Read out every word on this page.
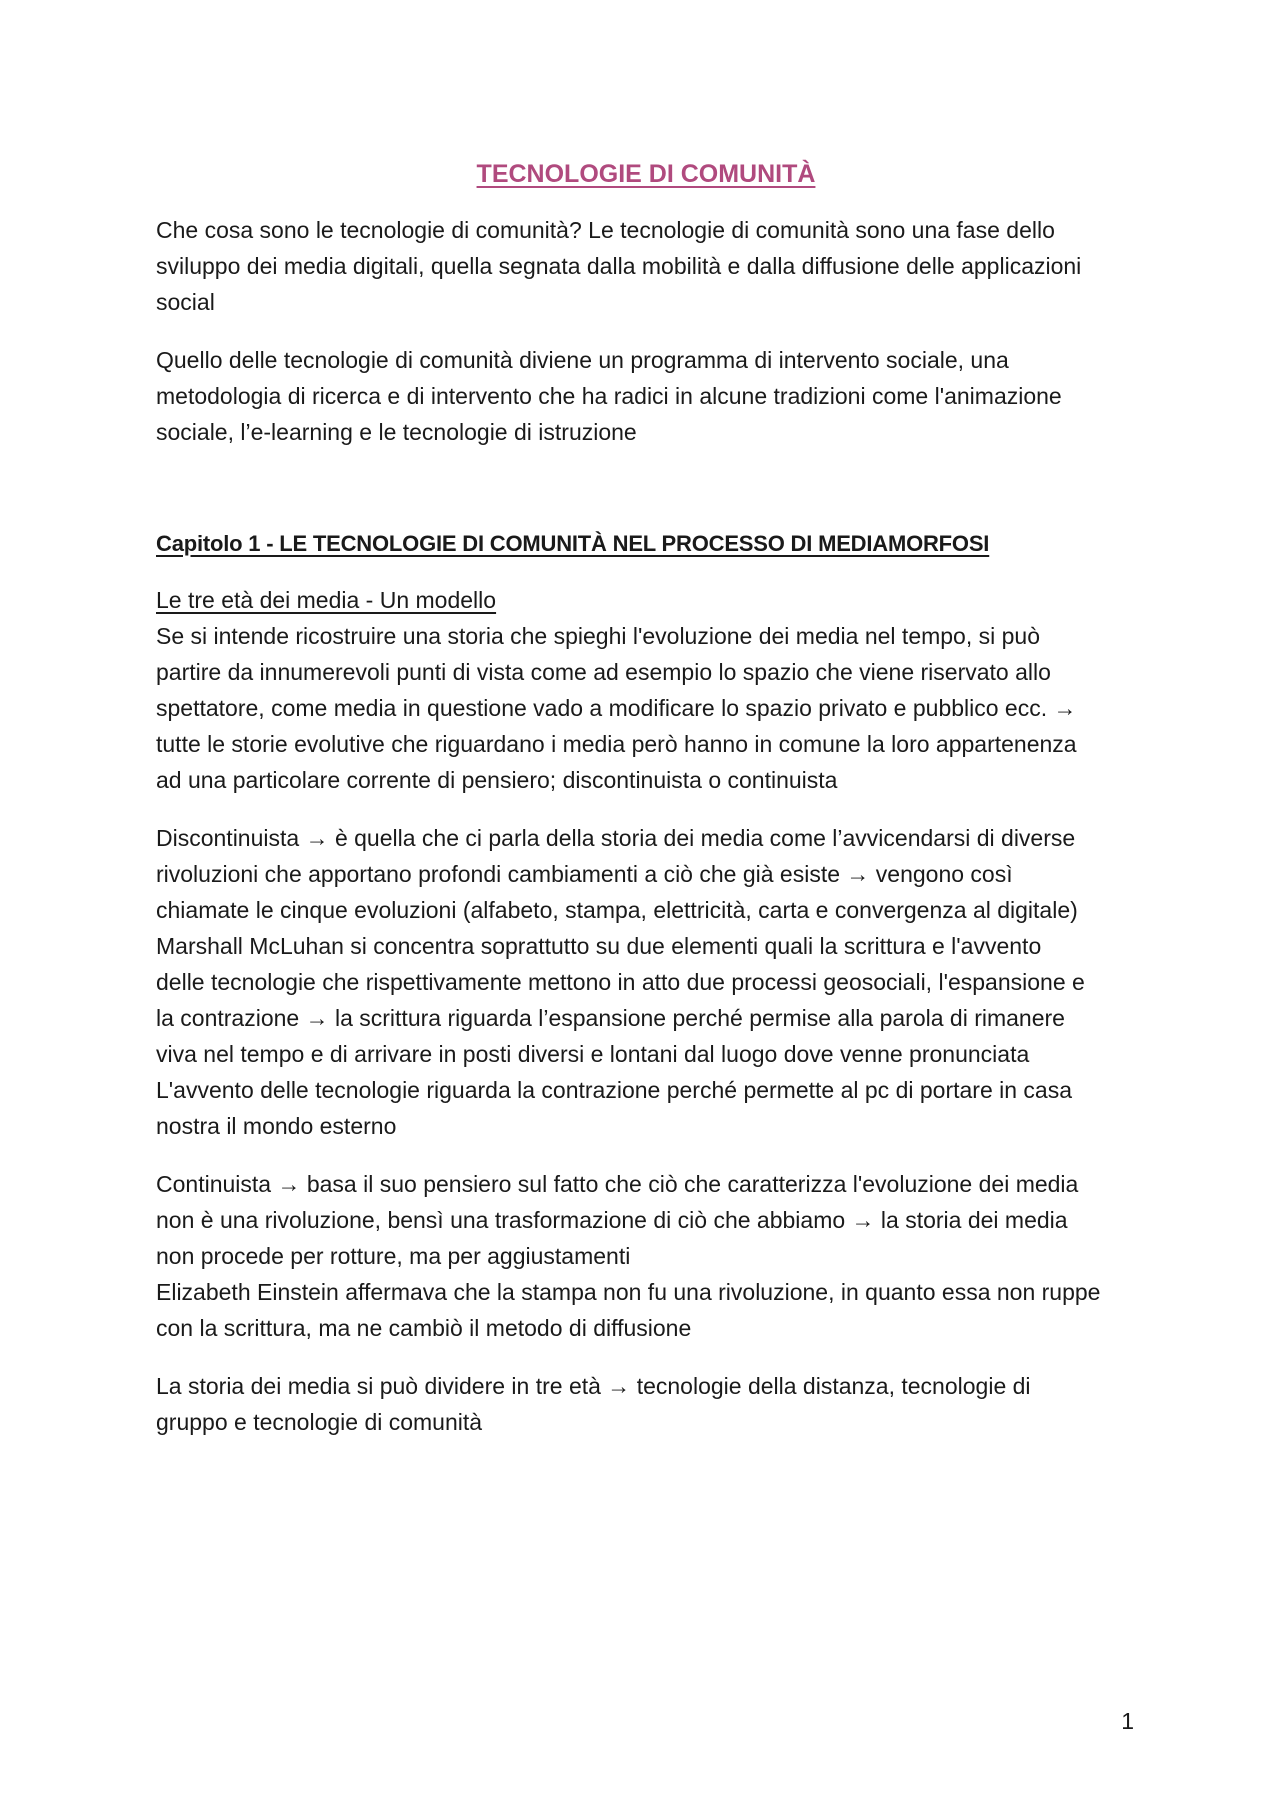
TECNOLOGIE DI COMUNITÀ

Che cosa sono le tecnologie di comunità? Le tecnologie di comunità sono una fase dello
sviluppo dei media digitali, quella segnata dalla mobilità e dalla diffusione delle applicazioni
social

Quello delle tecnologie di comunità diviene un programma di intervento sociale, una
metodologia di ricerca e di intervento che ha radici in alcune tradizioni come l'animazione
sociale, l’e-learning e le tecnologie di istruzione

Capitolo 1 - LE TECNOLOGIE DI COMUNITÀ NEL PROCESSO DI MEDIAMORFOSI
Le tre età dei media - Un modello

Se si intende ricostruire una storia che spieghi l'evoluzione dei media nel tempo, si può
partire da innumerevoli punti di vista come ad esempio lo spazio che viene riservato allo
spettatore, come media in questione vado a modificare lo spazio privato e pubblico ecc. →
tutte le storie evolutive che riguardano i media però hanno in comune la loro appartenenza
ad una particolare corrente di pensiero; discontinuista o continuista

Discontinuista → è quella che ci parla della storia dei media come l’avvicendarsi di diverse
rivoluzioni che apportano profondi cambiamenti a ciò che già esiste → vengono così
chiamate le cinque evoluzioni (alfabeto, stampa, elettricità, carta e convergenza al digitale)
Marshall McLuhan si concentra soprattutto su due elementi quali la scrittura e l'avvento
delle tecnologie che rispettivamente mettono in atto due processi geosociali, l'espansione e
la contrazione → la scrittura riguarda l’espansione perché permise alla parola di rimanere
viva nel tempo e di arrivare in posti diversi e lontani dal luogo dove venne pronunciata
L'avvento delle tecnologie riguarda la contrazione perché permette al pc di portare in casa
nostra il mondo esterno

Continuista → basa il suo pensiero sul fatto che ciò che caratterizza l'evoluzione dei media
non è una rivoluzione, bensì una trasformazione di ciò che abbiamo → la storia dei media
non procede per rotture, ma per aggiustamenti
Elizabeth Einstein affermava che la stampa non fu una rivoluzione, in quanto essa non ruppe
con la scrittura, ma ne cambiò il metodo di diffusione

La storia dei media si può dividere in tre età → tecnologie della distanza, tecnologie di
gruppo e tecnologie di comunità

1
